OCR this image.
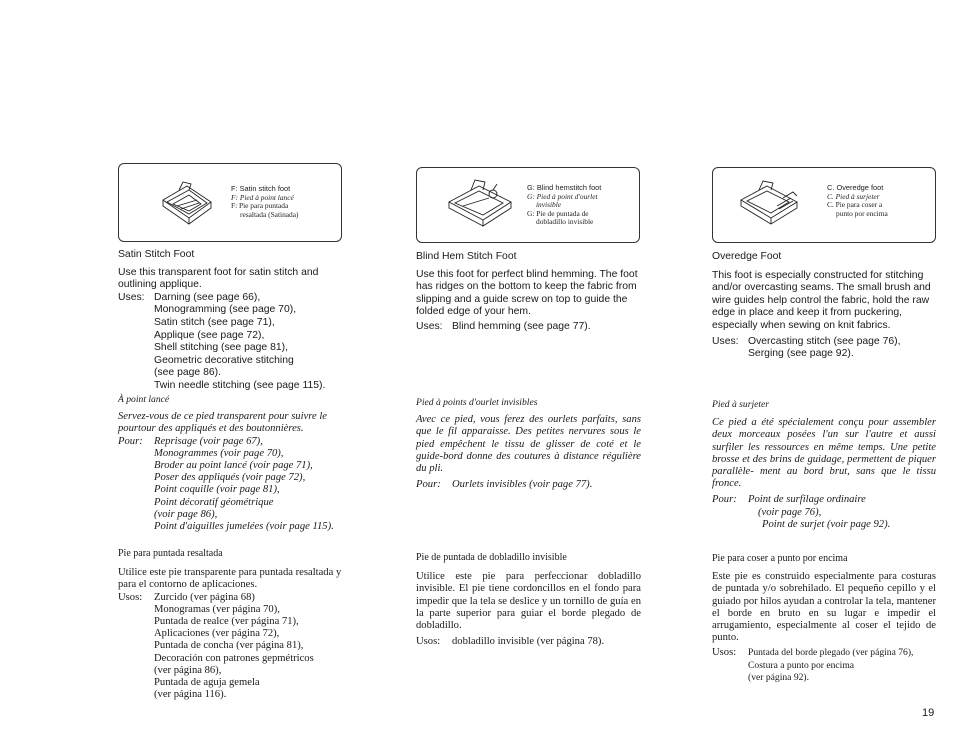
F: Satin stitch foot
F: Pied à point lancé
F: Pie para puntada
resaltada (Satinada)
Satin Stitch Foot

Use this transparent foot for satin stitch and outlining applique.

Uses: Darning (see page 66),
Monogramming (see page 70),
Satin stitch (see page 71),
Applique (see page 72),
Shell stitching (see page 81),
Geometric decorative stitching
(see page 86).
Twin needle stitching (see page 115).
À point lancé

Servez-vous de ce pied transparent pour suivre le pourtour des appliqués et des boutonnières.

Pour:	Reprisage (voir page 67),
Monogrammes (voir page 70),
Broder au point lancé (voir page 71),
Poser des appliqués (voir page 72),
Point coquille (voir page 81),
Point décoratif géométrique
(voir page 86),
Point d'aiguilles jumelées (voir page 115).
Pie para puntada resaltada

Utilice este pie transparente para puntada resaltada y para el contorno de aplicaciones.

Usos:	Zurcido (ver página 68)
Monogramas (ver página 70),
Puntada de realce (ver página 71),
Aplicaciones (ver página 72),
Puntada de concha (ver página 81),
Decoración con patrones gepmétricos
(ver página 86),
Puntada de aguja gemela
(ver página 116).
G: Blind hemstitch foot
G: Pied à point d'ourlet
invisible
G: Pie de puntada de
dobladillo invisible
Blind Hem Stitch Foot

Use this foot for perfect blind hemming. The foot has ridges on the bottom to keep the fabric from slipping and a guide screw on top to guide the folded edge of your hem.

Uses: Blind hemming (see page 77).
Pied à points d'ourlet invisibles

Avec ce pied, vous ferez des ourlets parfaits, sans que le fil apparaisse. Des petites nervures sous le pied empêchent le tissu de glisser de coté et le guide-bord donne des coutures à distance régulière du pli.

Pour:	Ourlets invisibles (voir page 77).
Pie de puntada de dobladillo invisible

Utilice este pie para perfeccionar dobladillo invisible. El pie tiene cordoncillos en el fondo para impedir que la tela se deslice y un tornillo de guía en la parte superior para guiar el borde plegado de dobladillo.

Usos:	dobladillo invisible (ver página 78).
C. Overedge foot
C. Pied à surjeter
C. Pie para coser a
punto por encima
Overedge Foot

This foot is especially constructed for stitching and/or overcasting seams. The small brush and wire guides help control the fabric, hold the raw edge in place and keep it from puckering, especially when sewing on knit fabrics.

Uses: Overcasting stitch (see page 76),
Serging (see page 92).
Pied à surjeter

Ce pied a été spécialement conçu pour assembler deux morceaux posées l'un sur l'autre et aussi surfiler les ressources en même temps. Une petite brosse et des brins de guidage, permettent de piquer parallèle- ment au bord brut, sans que le tissu fronce.

Pour:	Point de surfilage ordinaire
(voir page 76),
Point de surjet (voir page 92).
Pie para coser a punto por encima

Este pie es construido especialmente para costuras de puntada y/o sobrehilado. El pequeño cepillo y el guiado por hilos ayudan a controlar la tela, mantener el borde en bruto en su lugar e impedir el arrugamiento, especialmente al coser el tejido de punto.

Usos:	Puntada del borde plegado (ver página 76),
Costura a punto por encima
(ver página 92).
19
